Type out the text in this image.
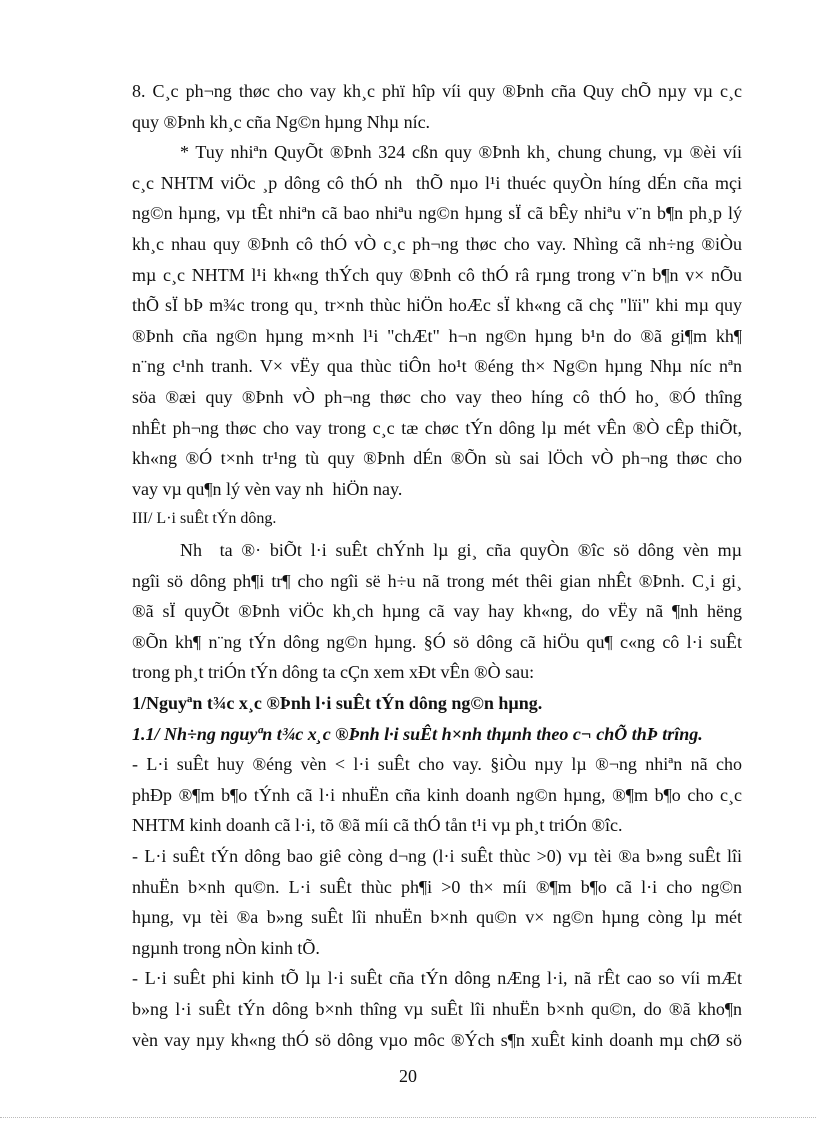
8. C¸c ph¬ng thøc cho vay kh¸c phï hîp víi quy ®Þnh cña Quy chÕ nµy vµ c¸c
quy ®Þnh kh¸c cña Ng©n hµng Nhµ níc.
* Tuy nhiªn QuyÕt ®Þnh 324 cßn quy ®Þnh kh¸ chung chung, vµ ®èi víi
c¸c NHTM viÖc ¸p dông cô thÓ nh  thÕ nµo l¹i thuéc quyÒn híng dÉn cña mçi
ng©n hµng, vµ tÊt nhiªn cã bao nhiªu ng©n hµng sÏ cã bÊy nhiªu v¨n b¶n ph¸p lý
kh¸c nhau quy ®Þnh cô thÓ vÒ c¸c ph¬ng thøc cho vay. Nhìng cã nh÷ng ®iÒu
mµ c¸c NHTM l¹i kh«ng thÝch quy ®Þnh cô thÓ râ rµng trong v¨n b¶n v× nÕu
thÕ sÏ bÞ m¾c trong qu¸ tr×nh thùc hiÖn hoÆc sÏ kh«ng cã chç "lïi" khi mµ quy
®Þnh cña ng©n hµng m×nh l¹i "chÆt" h¬n ng©n hµng b¹n do ®ã gi¶m kh¶
n¨ng c¹nh tranh. V× vËy qua thùc tiÔn ho¹t ®éng th× Ng©n hµng Nhµ níc nªn
söa ®æi quy ®Þnh vÒ ph¬ng thøc cho vay theo híng cô thÓ ho¸ ®Ó thîng
nhÊt ph¬ng thøc cho vay trong c¸c tæ chøc tÝn dông lµ mét vÊn ®Ò cÊp thiÕt,
kh«ng ®Ó t×nh tr¹ng tù quy ®Þnh dÉn ®Õn sù sai lÖch vÒ ph¬ng thøc cho
vay vµ qu¶n lý vèn vay nh  hiÖn nay.
III/ L·i suÊt tÝn dông.
Nh  ta ®· biÕt l·i suÊt chÝnh lµ gi¸ cña quyÒn ®îc sö dông vèn mµ
ngîi sö dông ph¶i tr¶ cho ngîi së h÷u nã trong mét thêi gian nhÊt ®Þnh. C¸i gi¸
®ã sÏ quyÕt ®Þnh viÖc kh¸ch hµng cã vay hay kh«ng, do vËy nã ¶nh hëng
®Õn kh¶ n¨ng tÝn dông ng©n hµng. §Ó sö dông cã hiÖu qu¶ c«ng cô l·i suÊt
trong ph¸t triÓn tÝn dông ta cÇn xem xÐt vÊn ®Ò sau:
1/Nguyªn t¾c x¸c ®Þnh l·i suÊt tÝn dông ng©n hµng.
1.1/ Nh÷ng nguyªn t¾c x¸c ®Þnh l·i suÊt h×nh thµnh theo c¬ chÕ thÞ trîng.
- L·i suÊt huy ®éng vèn < l·i suÊt cho vay. §iÒu nµy lµ ®¬ng nhiªn nã cho
phÐp ®¶m b¶o tÝnh cã l·i nhuËn cña kinh doanh ng©n hµng, ®¶m b¶o cho c¸c
NHTM kinh doanh cã l·i, tõ ®ã míi cã thÓ tån t¹i vµ ph¸t triÓn ®îc.
- L·i suÊt tÝn dông bao giê còng d¬ng (l·i suÊt thùc >0) vµ tèi ®a b»ng suÊt lîi
nhuËn b×nh qu©n. L·i suÊt thùc ph¶i >0 th× míi ®¶m b¶o cã l·i cho ng©n
hµng, vµ tèi ®a b»ng suÊt lîi nhuËn b×nh qu©n v× ng©n hµng còng lµ mét
ngµnh trong nÒn kinh tÕ.
- L·i suÊt phi kinh tÕ lµ l·i suÊt cña tÝn dông nÆng l·i, nã rÊt cao so víi mÆt
b»ng l·i suÊt tÝn dông b×nh thîng vµ suÊt lîi nhuËn b×nh qu©n, do ®ã kho¶n
vèn vay nµy kh«ng thÓ sö dông vµo môc ®Ých s¶n xuÊt kinh doanh mµ chØ sö
20
